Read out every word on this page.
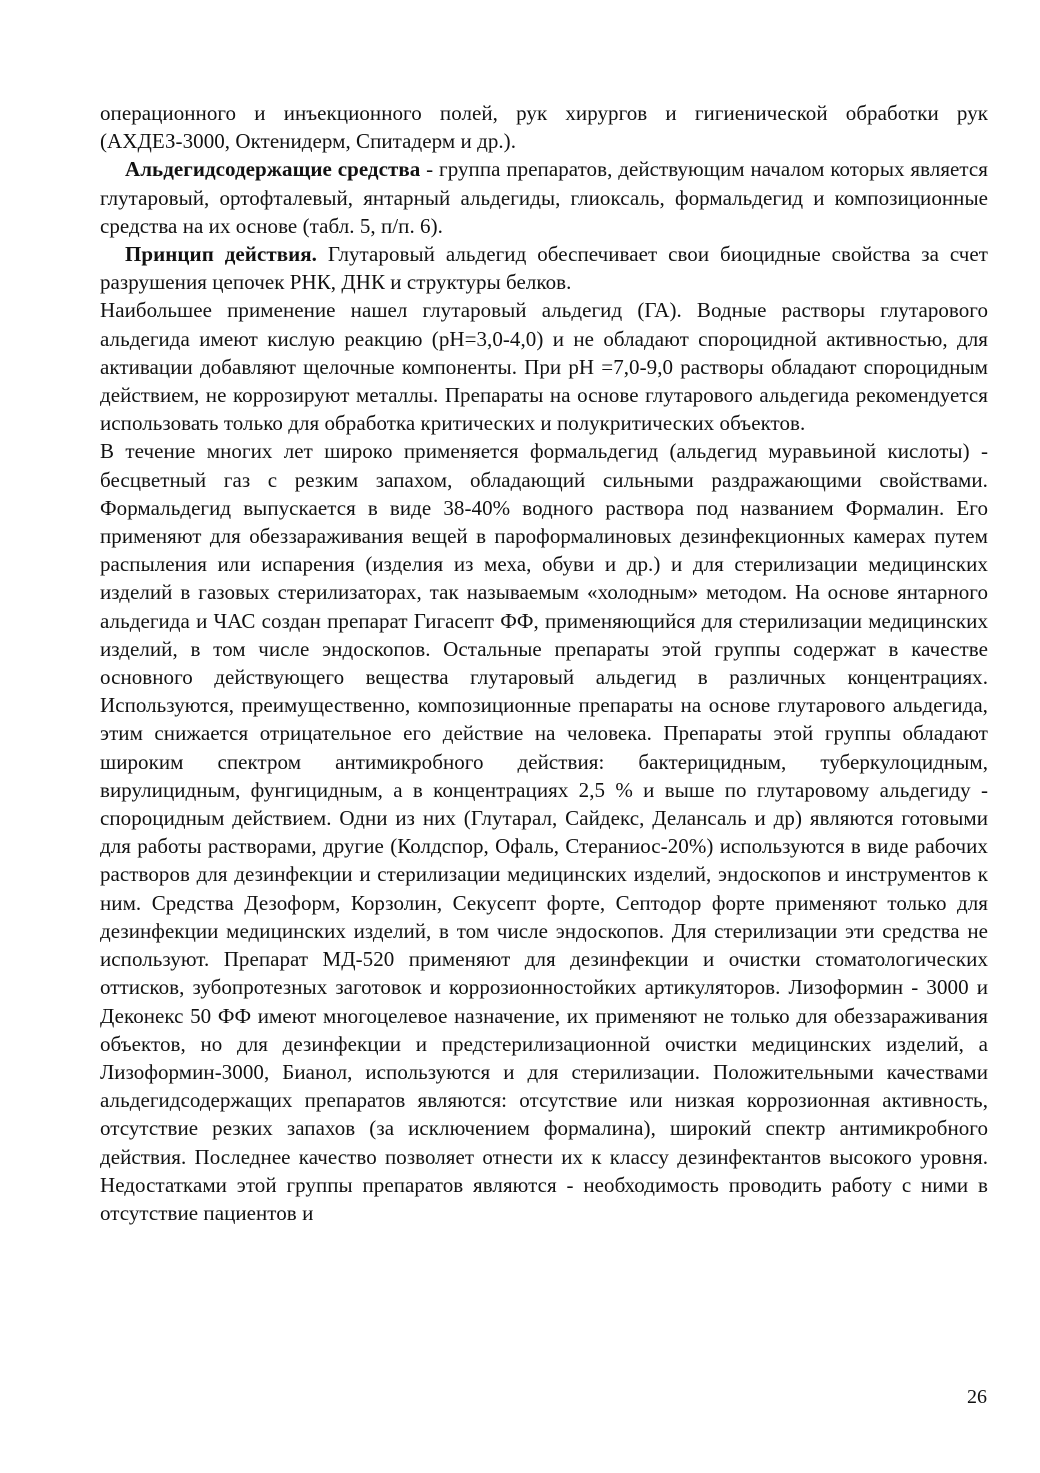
операционного и инъекционного полей, рук хирургов и гигиенической обработки рук (АХДЕЗ-3000, Октенидерм, Спитадерм и др.).

Альдегидсодержащие средства - группа препаратов, действующим началом которых является глутаровый, ортофталевый, янтарный альдегиды, глиоксаль, формальдегид и композиционные средства на их основе (табл. 5, п/п. 6).

Принцип действия. Глутаровый альдегид обеспечивает свои биоцидные свойства за счет разрушения цепочек РНК, ДНК и структуры белков.

Наибольшее применение нашел глутаровый альдегид (ГА). Водные растворы глутарового альдегида имеют кислую реакцию (рН=3,0-4,0) и не обладают спороцидной активностью, для активации добавляют щелочные компоненты. При рН =7,0-9,0 растворы обладают спороцидным действием, не коррозируют металлы. Препараты на основе глутарового альдегида рекомендуется использовать только для обработка критических и полукритических объектов.

В течение многих лет широко применяется формальдегид (альдегид муравьиной кислоты) - бесцветный газ с резким запахом, обладающий сильными раздражающими свойствами. Формальдегид выпускается в виде 38-40% водного раствора под названием Формалин. Его применяют для обеззараживания вещей в пароформалиновых дезинфекционных камерах путем распыления или испарения (изделия из меха, обуви и др.) и для стерилизации медицинских изделий в газовых стерилизаторах, так называемым «холодным» методом. На основе янтарного альдегида и ЧАС создан препарат Гигасепт ФФ, применяющийся для стерилизации медицинских изделий, в том числе эндоскопов. Остальные препараты этой группы содержат в качестве основного действующего вещества глутаровый альдегид в различных концентрациях. Используются, преимущественно, композиционные препараты на основе глутарового альдегида, этим снижается отрицательное его действие на человека. Препараты этой группы обладают широким спектром антимикробного действия: бактерицидным, туберкулоцидным, вирулицидным, фунгицидным, а в концентрациях 2,5 % и выше по глутаровому альдегиду - спороцидным действием. Одни из них (Глутарал, Сайдекс, Делансаль и др) являются готовыми для работы растворами, другие (Колдспор, Офаль, Стераниос-20%) используются в виде рабочих растворов для дезинфекции и стерилизации медицинских изделий, эндоскопов и инструментов к ним. Средства Дезоформ, Корзолин, Секусепт форте, Септодор форте применяют только для дезинфекции медицинских изделий, в том числе эндоскопов. Для стерилизации эти средства не используют. Препарат МД-520 применяют для дезинфекции и очистки стоматологических оттисков, зубопротезных заготовок и коррозионностойких артикуляторов. Лизоформин - 3000 и Деконекс 50 ФФ имеют многоцелевое назначение, их применяют не только для обеззараживания объектов, но для дезинфекции и предстерилизационной очистки медицинских изделий, а Лизоформин-3000, Бианол, используются и для стерилизации. Положительными качествами альдегидсодержащих препаратов являются: отсутствие или низкая коррозионная активность, отсутствие резких запахов (за исключением формалина), широкий спектр антимикробного действия. Последнее качество позволяет отнести их к классу дезинфектантов высокого уровня. Недостатками этой группы препаратов являются - необходимость проводить работу с ними в отсутствие пациентов и

26
